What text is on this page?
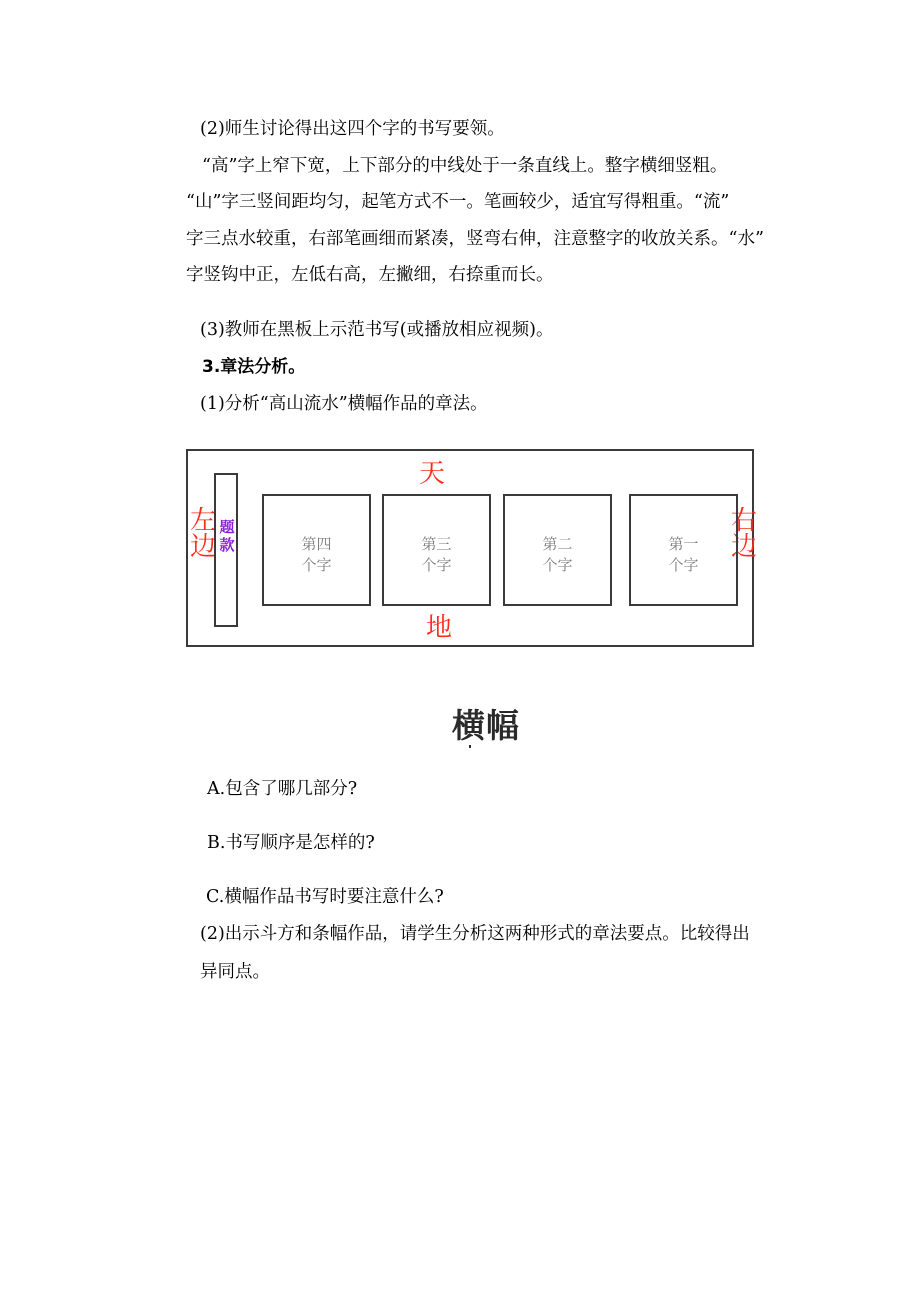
(2)师生讨论得出这四个字的书写要领。

“高”字上窄下宽，上下部分的中线处于一条直线上。整字横细竖粗。

“山”字三竖间距均匀，起笔方式不一。笔画较少，适宜写得粗重。“流”

字三点水较重，右部笔画细而紧凑，竖弯右伸，注意整字的收放关系。“水”

字竖钩中正，左低右高，左撇细，右捺重而长。

(3)教师在黑板上示范书写(或播放相应视频)。

3.章法分析。

(1)分析“高山流水”横幅作品的章法。

天
地
左边
右边
题款	第四
个字
第三
个字
第二
个字
第一
个字
横幅

A.包含了哪几部分?

B.书写顺序是怎样的?

C.横幅作品书写时要注意什么?

(2)出示斗方和条幅作品，请学生分析这两种形式的章法要点。比较得出

异同点。
